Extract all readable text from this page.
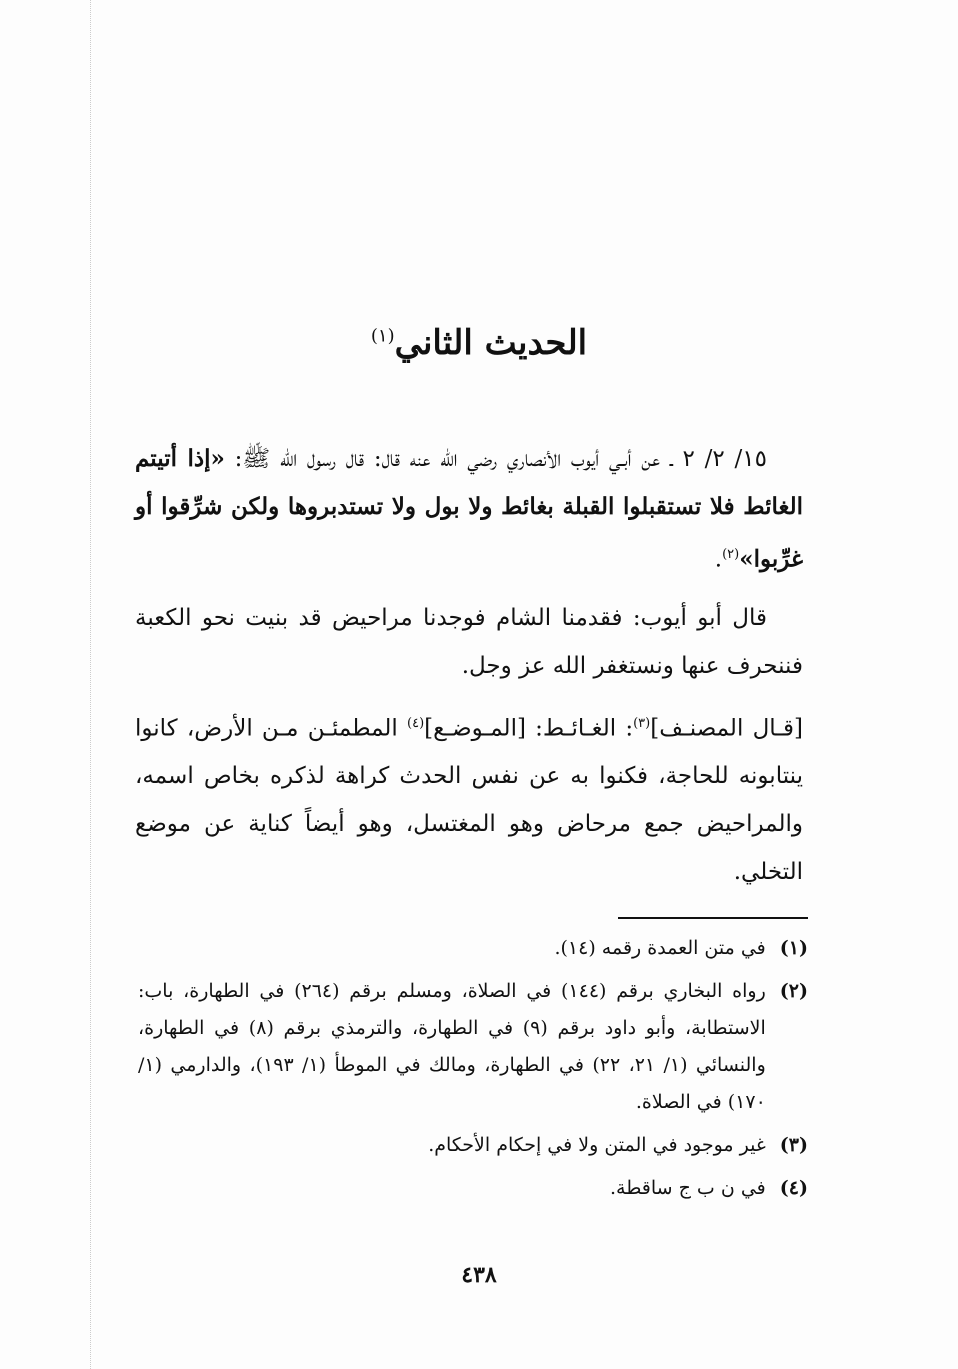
الحديث الثاني$^{(١)}$

١٥/ ٢/ ٢ ـ عن أبـي أيوب الأنصاري رضي الله عنه قال: قال رسول الله ﷺ: «إذا أتيتم الغائط فلا تستقبلوا القبلة بغائط ولا بول ولا تستدبروها ولكن شرِّقوا أو غرِّبوا»$^{(٢)}$.

قال أبو أيوب: فقدمنا الشام فوجدنا مراحيض قد بنيت نحو الكعبة فننحرف عنها ونستغفر الله عز وجل.

[قـال المصنـف]$^{(٣)}$: الغـائـط: [المـوضـع]$^{(٤)}$ المطمئـن مـن الأرض، كانوا ينتابونه للحاجة، فكنوا به عن نفس الحدث كراهة لذكره بخاص اسمه، والمراحيض جمع مرحاض وهو المغتسل، وهو أيضاً كناية عن موضع التخلي.

(١)
في متن العمدة رقمه (١٤).
(٢)
رواه البخاري برقم (١٤٤) في الصلاة، ومسلم برقم (٢٦٤) في الطهارة، باب: الاستطابة، وأبو داود برقم (٩) في الطهارة، والترمذي برقم (٨) في الطهارة، والنسائي (١/ ٢١، ٢٢) في الطهارة، ومالك في الموطأ (١/ ١٩٣)، والدارمي (١/ ١٧٠) في الصلاة.
(٣)
غير موجود في المتن ولا في إحكام الأحكام.
(٤)
في ن ب ج ساقطة.
٤٣٨
